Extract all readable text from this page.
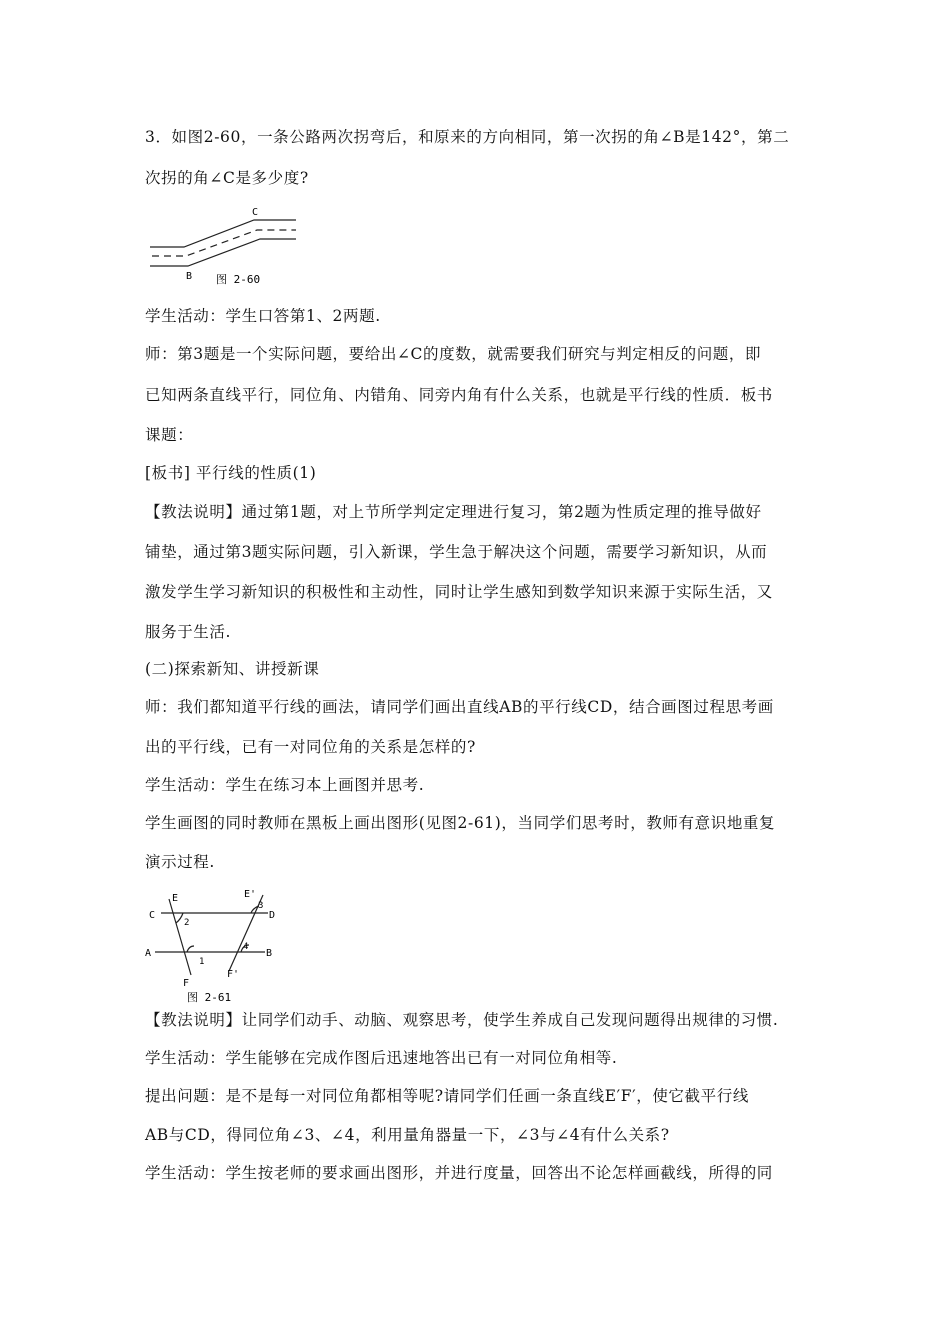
3．如图2-60，一条公路两次拐弯后，和原来的方向相同，第一次拐的角∠B是142°，第二
次拐的角∠C是多少度?
C
B 图 2-60
学生活动：学生口答第1、2两题.
师：第3题是一个实际问题，要给出∠C的度数，就需要我们研究与判定相反的问题，即
已知两条直线平行，同位角、内错角、同旁内角有什么关系，也就是平行线的性质．板书
课题：
[板书] 平行线的性质(1)
【教法说明】通过第1题，对上节所学判定定理进行复习，第2题为性质定理的推导做好
铺垫，通过第3题实际问题，引入新课，学生急于解决这个问题，需要学习新知识，从而
激发学生学习新知识的积极性和主动性，同时让学生感知到数学知识来源于实际生活，又
服务于生活.
(二)探索新知、讲授新课
师：我们都知道平行线的画法，请同学们画出直线AB的平行线CD，结合画图过程思考画
出的平行线，已有一对同位角的关系是怎样的?
学生活动：学生在练习本上画图并思考.
学生画图的同时教师在黑板上画出图形(见图2-61)，当同学们思考时，教师有意识地重复
演示过程.
E	E'
C	D
A	B
F
F'
1
2
3
4
图 2-61
【教法说明】让同学们动手、动脑、观察思考，使学生养成自己发现问题得出规律的习惯.
学生活动：学生能够在完成作图后迅速地答出已有一对同位角相等.
提出问题：是不是每一对同位角都相等呢?请同学们任画一条直线E′F′，使它截平行线
AB与CD，得同位角∠3、∠4，利用量角器量一下，∠3与∠4有什么关系?
学生活动：学生按老师的要求画出图形，并进行度量，回答出不论怎样画截线，所得的同
